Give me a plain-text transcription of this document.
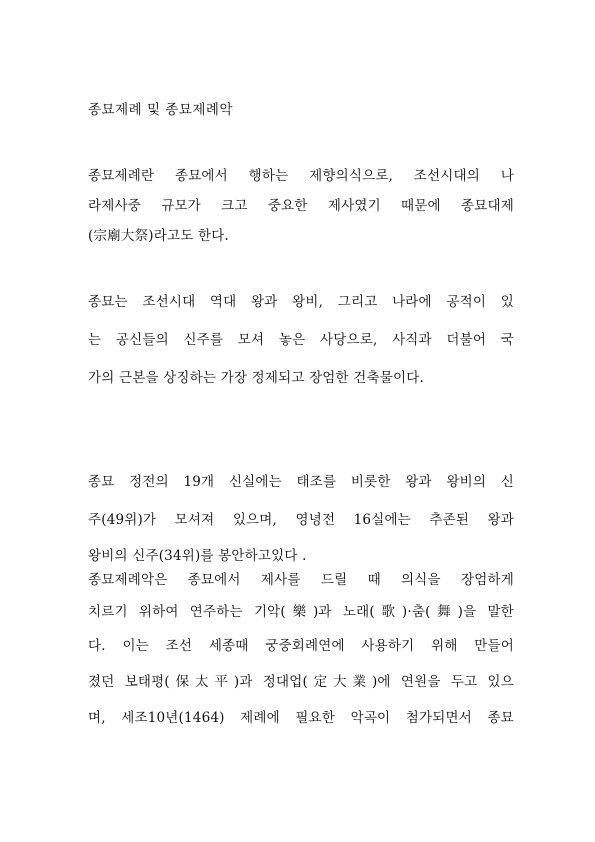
종묘제례 및 종묘제례악
종묘제례란 종묘에서 행하는 제향의식으로, 조선시대의 나
라제사중 규모가 크고 중요한 제사였기 때문에 종묘대제
(宗廟大祭)라고도 한다.
종묘는 조선시대 역대 왕과 왕비, 그리고 나라에 공적이 있
는 공신들의 신주를 모셔 놓은 사당으로, 사직과 더불어 국
가의 근본을 상징하는 가장 정제되고 장엄한 건축물이다.
종묘 정전의 19개 신실에는 태조를 비롯한 왕과 왕비의 신
주(49위)가 모셔져 있으며, 영녕전 16실에는 추존된 왕과
왕비의 신주(34위)를 봉안하고있다 .
종묘제례악은 종묘에서 제사를 드릴 때 의식을 장엄하게
치르기 위하여 연주하는 기악(樂)과 노래(歌)·춤(舞)을 말한
다. 이는 조선 세종때 궁중회례연에 사용하기 위해 만들어
졌던 보태평(保太平)과 정대업(定大業)에 연원을 두고 있으
며, 세조10년(1464) 제례에 필요한 악곡이 첨가되면서 종묘
